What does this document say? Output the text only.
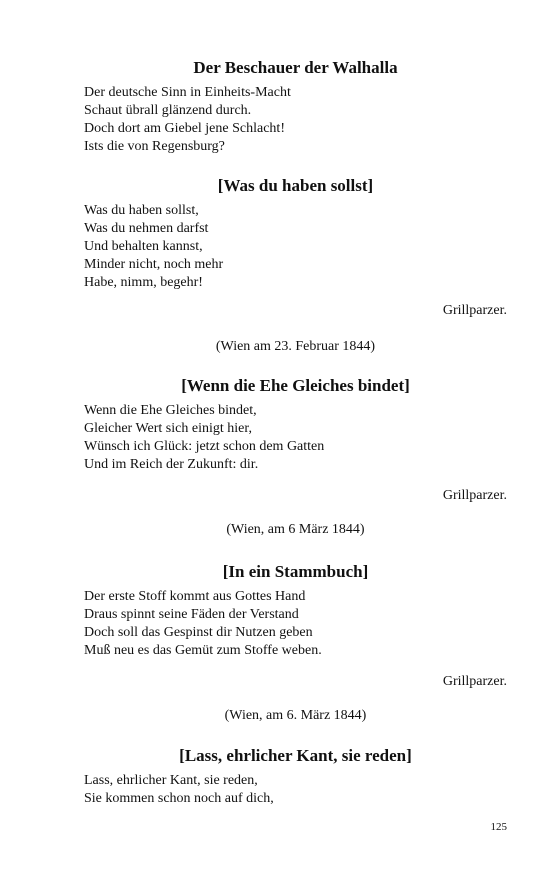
Der Beschauer der Walhalla
Der deutsche Sinn in Einheits-Macht
Schaut übrall glänzend durch.
Doch dort am Giebel jene Schlacht!
Ists die von Regensburg?
[Was du haben sollst]
Was du haben sollst,
Was du nehmen darfst
Und behalten kannst,
Minder nicht, noch mehr
Habe, nimm, begehr!
Grillparzer.
(Wien am 23. Februar 1844)
[Wenn die Ehe Gleiches bindet]
Wenn die Ehe Gleiches bindet,
Gleicher Wert sich einigt hier,
Wünsch ich Glück: jetzt schon dem Gatten
Und im Reich der Zukunft: dir.
Grillparzer.
(Wien, am 6 März 1844)
[In ein Stammbuch]
Der erste Stoff kommt aus Gottes Hand
Draus spinnt seine Fäden der Verstand
Doch soll das Gespinst dir Nutzen geben
Muß neu es das Gemüt zum Stoffe weben.
Grillparzer.
(Wien, am 6. März 1844)
[Lass, ehrlicher Kant, sie reden]
Lass, ehrlicher Kant, sie reden,
Sie kommen schon noch auf dich,
125
